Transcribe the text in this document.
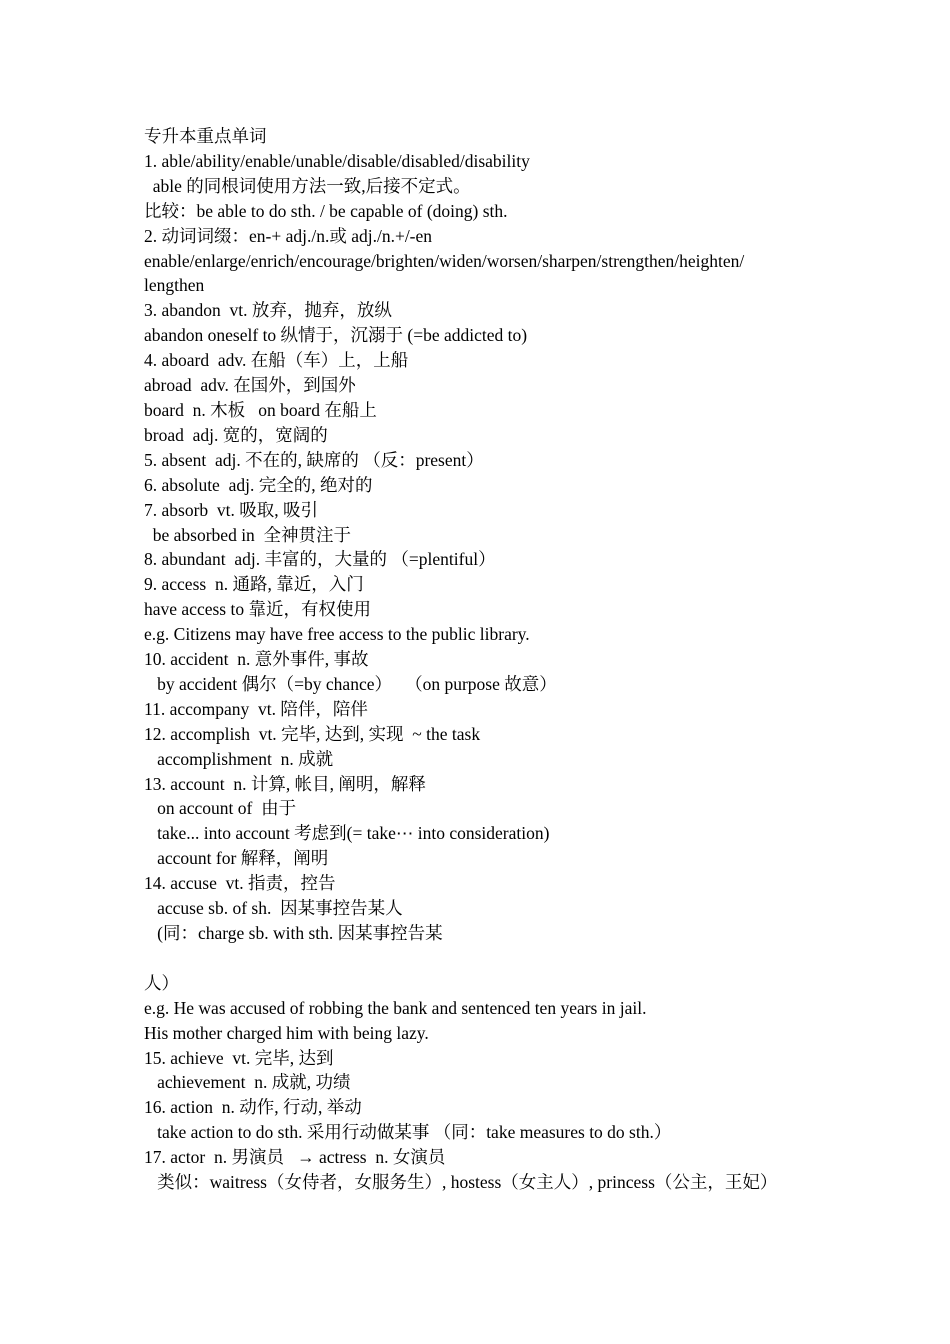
专升本重点单词
1. able/ability/enable/unable/disable/disabled/disability
able 的同根词使用方法一致,后接不定式。
比较：be able to do sth. / be capable of (doing) sth.
2. 动词词缀：en-+ adj./n.或 adj./n.+/-en
enable/enlarge/enrich/encourage/brighten/widen/worsen/sharpen/strengthen/heighten/
lengthen
3. abandon  vt. 放弃，抛弃，放纵
abandon oneself to 纵情于，沉溺于 (=be addicted to)
4. aboard  adv. 在船（车）上，上船
abroad  adv. 在国外，到国外
board  n. 木板   on board 在船上
broad  adj. 宽的，宽阔的
5. absent  adj. 不在的, 缺席的 （反：present）
6. absolute  adj. 完全的, 绝对的
7. absorb  vt. 吸取, 吸引
be absorbed in  全神贯注于
8. abundant  adj. 丰富的，大量的 （=plentiful）
9. access  n. 通路, 靠近，入门
have access to 靠近，有权使用
e.g. Citizens may have free access to the public library.
10. accident  n. 意外事件, 事故
by accident 偶尔（=by chance）   （on purpose 故意）
11. accompany  vt. 陪伴，陪伴
12. accomplish  vt. 完毕, 达到, 实现  ~ the task
accomplishment  n. 成就
13. account  n. 计算, 帐目, 阐明，解释
on account of  由于
take... into account 考虑到(= take⋯ into consideration)
account for 解释，阐明
14. accuse  vt. 指责，控告
accuse sb. of sh.  因某事控告某人
(同：charge sb. with sth. 因某事控告某
人）
e.g. He was accused of robbing the bank and sentenced ten years in jail.
His mother charged him with being lazy.
15. achieve  vt. 完毕, 达到
achievement  n. 成就, 功绩
16. action  n. 动作, 行动, 举动
take action to do sth. 采用行动做某事 （同：take measures to do sth.）
17. actor  n. 男演员   → actress  n. 女演员
类似：waitress（女侍者，女服务生）, hostess（女主人）, princess（公主，王妃）
